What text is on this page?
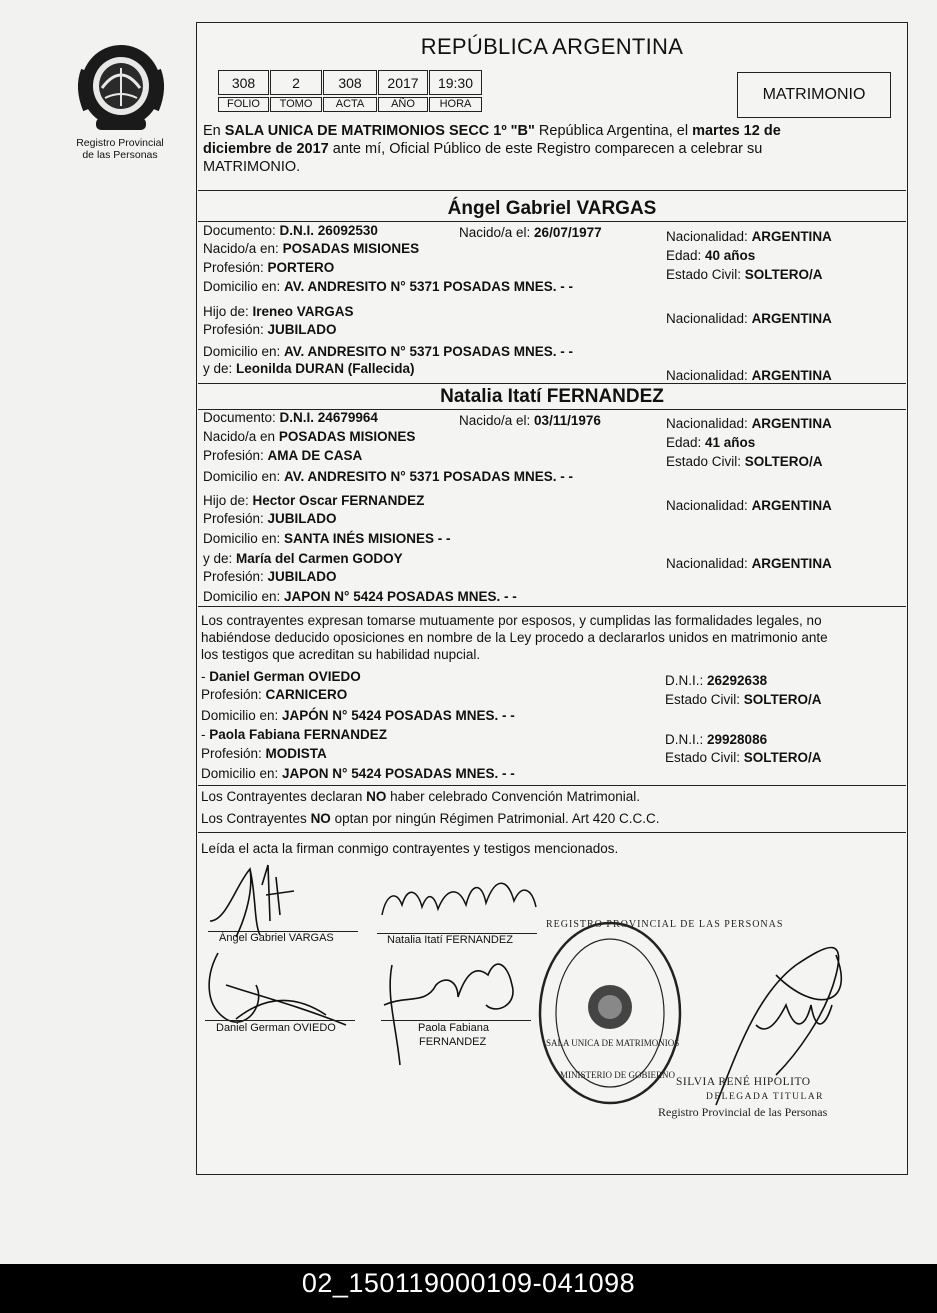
Registro Provincial
de las Personas
REPÚBLICA ARGENTINA
308	2	308	2017	19:30
FOLIO	TOMO	ACTA	AÑO	HORA
MATRIMONIO
En SALA UNICA DE MATRIMONIOS SECC 1º "B" República Argentina, el martes 12 de
diciembre de 2017 ante mí, Oficial Público de este Registro comparecen a celebrar su
MATRIMONIO.
Ángel Gabriel VARGAS
Documento: D.N.I. 26092530	Nacido/a el: 26/07/1977	Nacionalidad: ARGENTINA
Nacido/a en: POSADAS MISIONES	Edad: 40 años
Profesión: PORTERO	Estado Civil: SOLTERO/A
Domicilio en: AV. ANDRESITO N° 5371 POSADAS MNES. - -
Hijo de: Ireneo VARGAS	Nacionalidad: ARGENTINA
Profesión: JUBILADO
Domicilio en: AV. ANDRESITO N° 5371 POSADAS MNES. - -
y de: Leonilda DURAN (Fallecida)	Nacionalidad: ARGENTINA
Natalia Itatí FERNANDEZ
Documento: D.N.I. 24679964	Nacido/a el: 03/11/1976	Nacionalidad: ARGENTINA
Nacido/a en POSADAS MISIONES	Edad: 41 años
Profesión: AMA DE CASA	Estado Civil: SOLTERO/A
Domicilio en: AV. ANDRESITO N° 5371 POSADAS MNES. - -
Hijo de: Hector Oscar FERNANDEZ	Nacionalidad: ARGENTINA
Profesión: JUBILADO
Domicilio en: SANTA INÉS MISIONES - -
y de: María del Carmen GODOY	Nacionalidad: ARGENTINA
Profesión: JUBILADO
Domicilio en: JAPON N° 5424 POSADAS MNES. - -
Los contrayentes expresan tomarse mutuamente por esposos, y cumplidas las formalidades legales, no
habiéndose deducido oposiciones en nombre de la Ley procedo a declararlos unidos en matrimonio ante
los testigos que acreditan su habilidad nupcial.
- Daniel German OVIEDO	D.N.I.: 26292638
Profesión: CARNICERO	Estado Civil: SOLTERO/A
Domicilio en: JAPÓN N° 5424 POSADAS MNES. - -
- Paola Fabiana FERNANDEZ	D.N.I.: 29928086
Profesión: MODISTA	Estado Civil: SOLTERO/A
Domicilio en: JAPON N° 5424 POSADAS MNES. - -
Los Contrayentes declaran NO haber celebrado Convención Matrimonial.
Los Contrayentes NO optan por ningún Régimen Patrimonial. Art 420 C.C.C.
Leída el acta la firman conmigo contrayentes y testigos mencionados.
Ángel Gabriel VARGAS	Natalia Itatí FERNANDEZ
Daniel German OVIEDO	Paola Fabiana
FERNANDEZ
REGISTRO PROVINCIAL DE LAS PERSONAS
SALA UNICA DE MATRIMONIOS
MINISTERIO DE GOBIERNO
SILVIA RENÉ HIPOLITO
DELEGADA TITULAR
Registro Provincial de las Personas
02_150119000109-041098
